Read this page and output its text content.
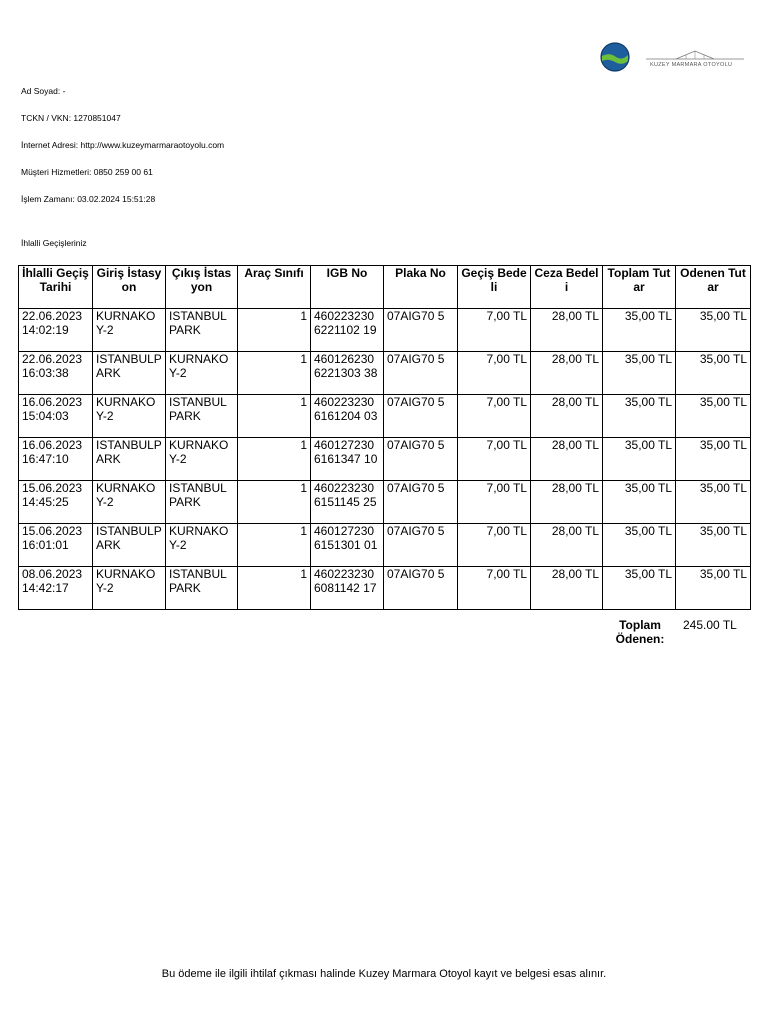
KUZEY MARMARA OTOYOLU
Ad Soyad: -
TCKN / VKN: 1270851047
İnternet Adresi: http://www.kuzeymarmaraotoyolu.com
Müşteri Hizmetleri: 0850 259 00 61
İşlem Zamanı: 03.02.2024 15:51:28
İhlalli Geçişleriniz
İhlalli Geçiş Tarihi	Giriş İstasyon	Çıkış İstasyon	Araç Sınıfı	IGB No	Plaka No	Geçiş Bedeli	Ceza Bedeli	Toplam Tutar	Odenen Tutar
22.06.2023 14:02:19	KURNAKOY-2	ISTANBULPARK	1	4602232306221102 19	07AIG70 5	7,00 TL	28,00 TL	35,00 TL	35,00 TL
22.06.2023 16:03:38	ISTANBULPARK	KURNAKOY-2	1	4601262306221303 38	07AIG70 5	7,00 TL	28,00 TL	35,00 TL	35,00 TL
16.06.2023 15:04:03	KURNAKOY-2	ISTANBULPARK	1	4602232306161204 03	07AIG70 5	7,00 TL	28,00 TL	35,00 TL	35,00 TL
16.06.2023 16:47:10	ISTANBULPARK	KURNAKOY-2	1	4601272306161347 10	07AIG70 5	7,00 TL	28,00 TL	35,00 TL	35,00 TL
15.06.2023 14:45:25	KURNAKOY-2	ISTANBULPARK	1	4602232306151145 25	07AIG70 5	7,00 TL	28,00 TL	35,00 TL	35,00 TL
15.06.2023 16:01:01	ISTANBULPARK	KURNAKOY-2	1	4601272306151301 01	07AIG70 5	7,00 TL	28,00 TL	35,00 TL	35,00 TL
08.06.2023 14:42:17	KURNAKOY-2	ISTANBULPARK	1	4602232306081142 17	07AIG70 5	7,00 TL	28,00 TL	35,00 TL	35,00 TL
Toplam Ödenen:
245.00 TL
Bu ödeme ile ilgili ihtilaf çıkması halinde Kuzey Marmara Otoyol kayıt ve belgesi esas alınır.
